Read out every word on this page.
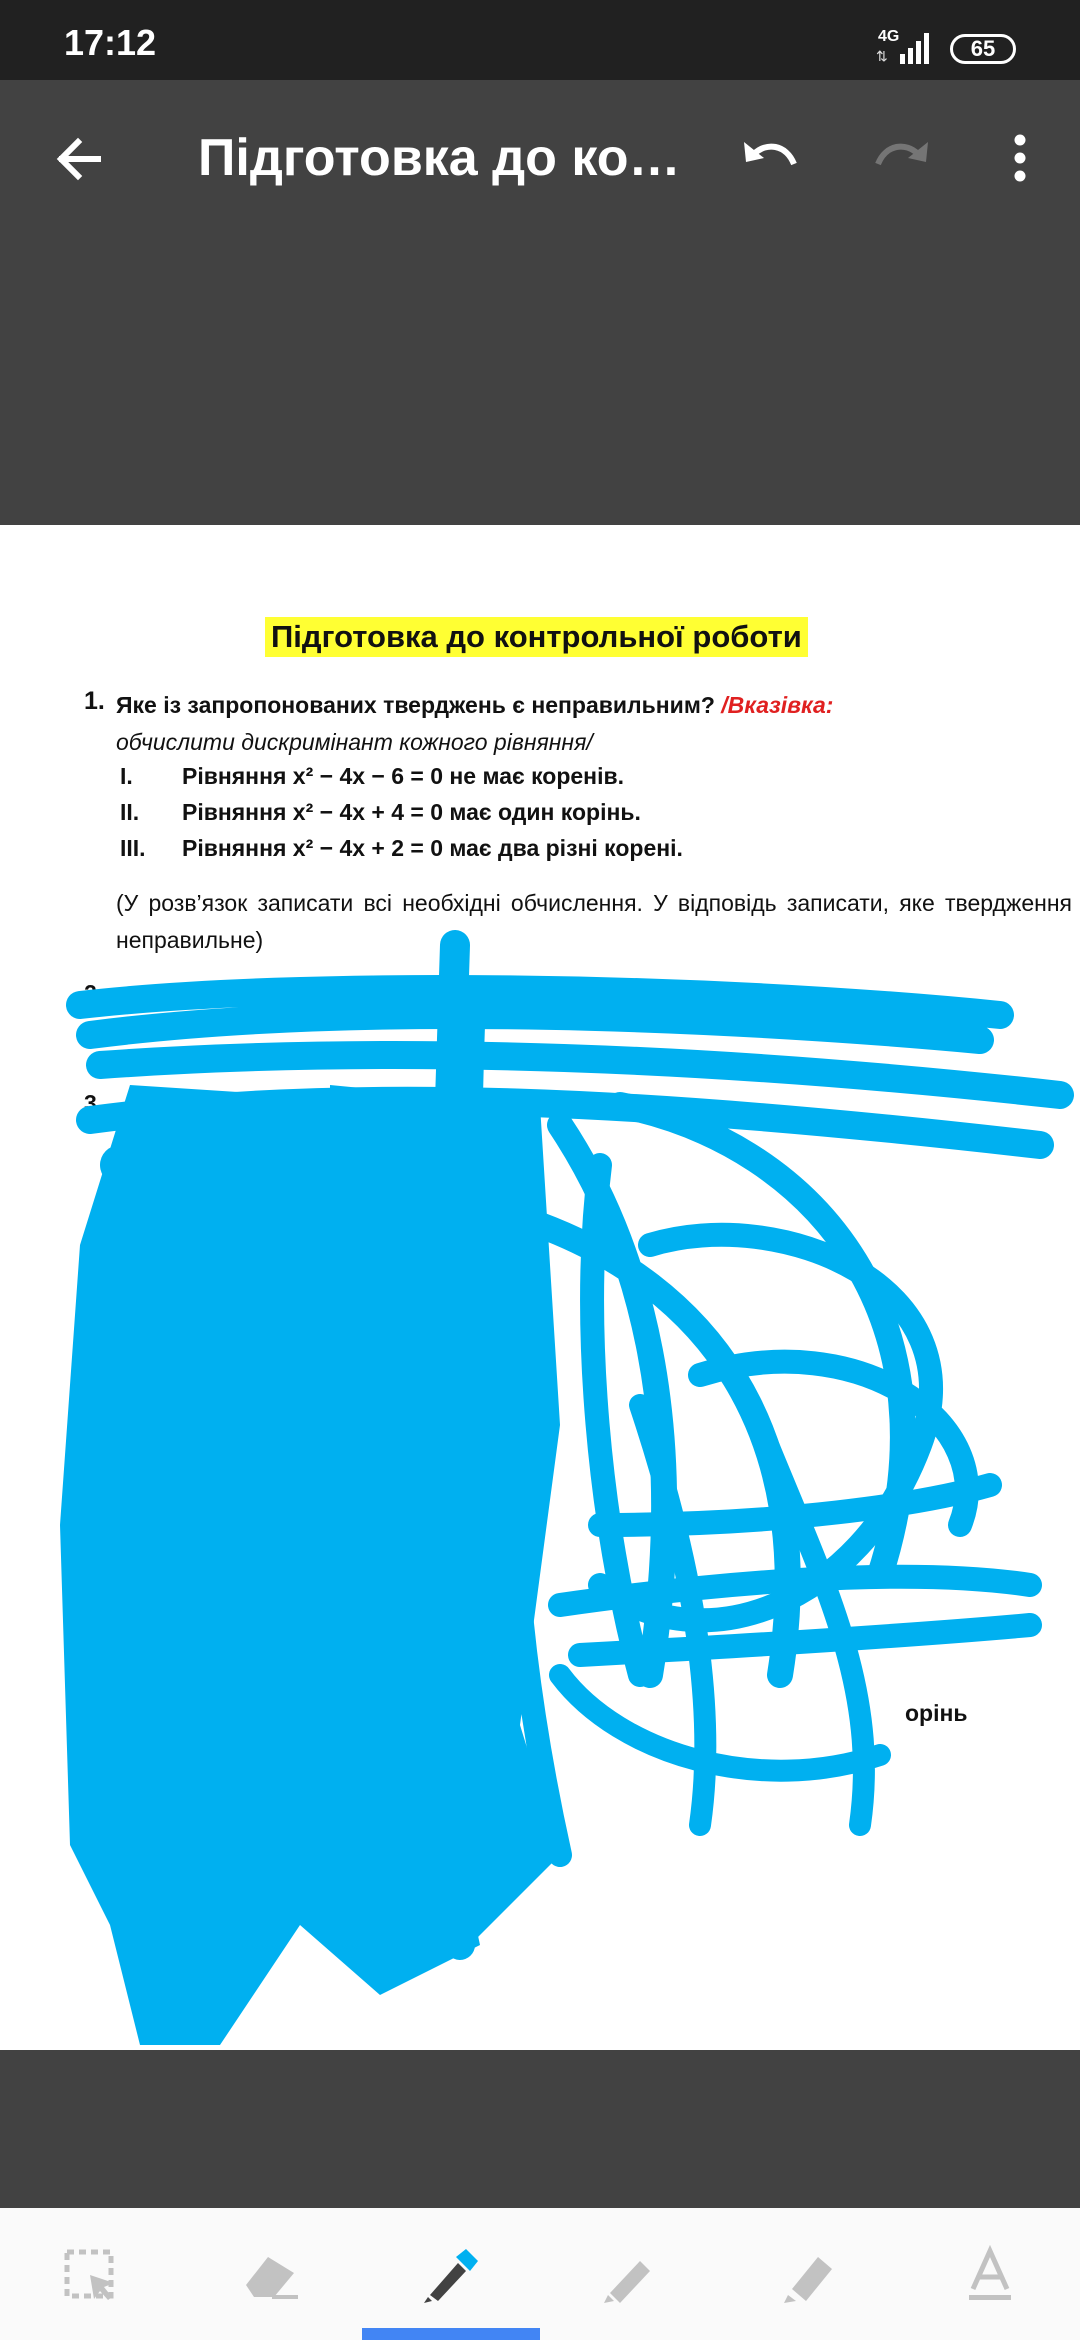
17:12	4G
⇅	65
Підготовка до ко…
Підготовка до контрольної роботи
1. Яке із запропонованих тверджень є неправильним? /Вказівка: обчислити дискримінант кожного рівняння/
I. Рівняння x² − 4x − 6 = 0 не має коренів.
II. Рівняння x² − 4x + 4 = 0 має один корінь.
III. Рівняння x² − 4x + 2 = 0 має два різні корені.
(У розв’язок записати всі необхідні обчислення. У відповідь записати, яке твердження неправильне)
2.
3.
орінь
